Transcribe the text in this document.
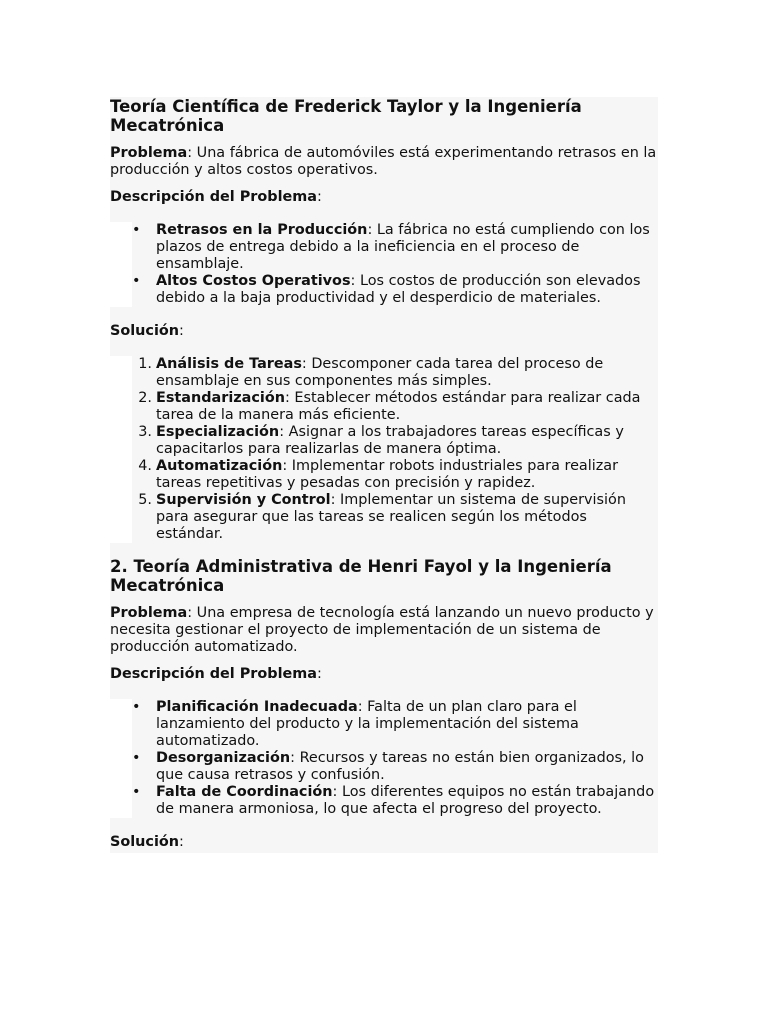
Teoría Científica de Frederick Taylor y la Ingeniería Mecatrónica

Problema: Una fábrica de automóviles está experimentando retrasos en la producción y altos costos operativos.

Descripción del Problema:

• Retrasos en la Producción: La fábrica no está cumpliendo con los plazos de entrega debido a la ineficiencia en el proceso de ensamblaje.
• Altos Costos Operativos: Los costos de producción son elevados debido a la baja productividad y el desperdicio de materiales.

Solución:

1. Análisis de Tareas: Descomponer cada tarea del proceso de ensamblaje en sus componentes más simples.
2. Estandarización: Establecer métodos estándar para realizar cada tarea de la manera más eficiente.
3. Especialización: Asignar a los trabajadores tareas específicas y capacitarlos para realizarlas de manera óptima.
4. Automatización: Implementar robots industriales para realizar tareas repetitivas y pesadas con precisión y rapidez.
5. Supervisión y Control: Implementar un sistema de supervisión para asegurar que las tareas se realicen según los métodos estándar.
2. Teoría Administrativa de Henri Fayol y la Ingeniería Mecatrónica

Problema: Una empresa de tecnología está lanzando un nuevo producto y necesita gestionar el proyecto de implementación de un sistema de producción automatizado.

Descripción del Problema:

• Planificación Inadecuada: Falta de un plan claro para el lanzamiento del producto y la implementación del sistema automatizado.
• Desorganización: Recursos y tareas no están bien organizados, lo que causa retrasos y confusión.
• Falta de Coordinación: Los diferentes equipos no están trabajando de manera armoniosa, lo que afecta el progreso del proyecto.

Solución:
